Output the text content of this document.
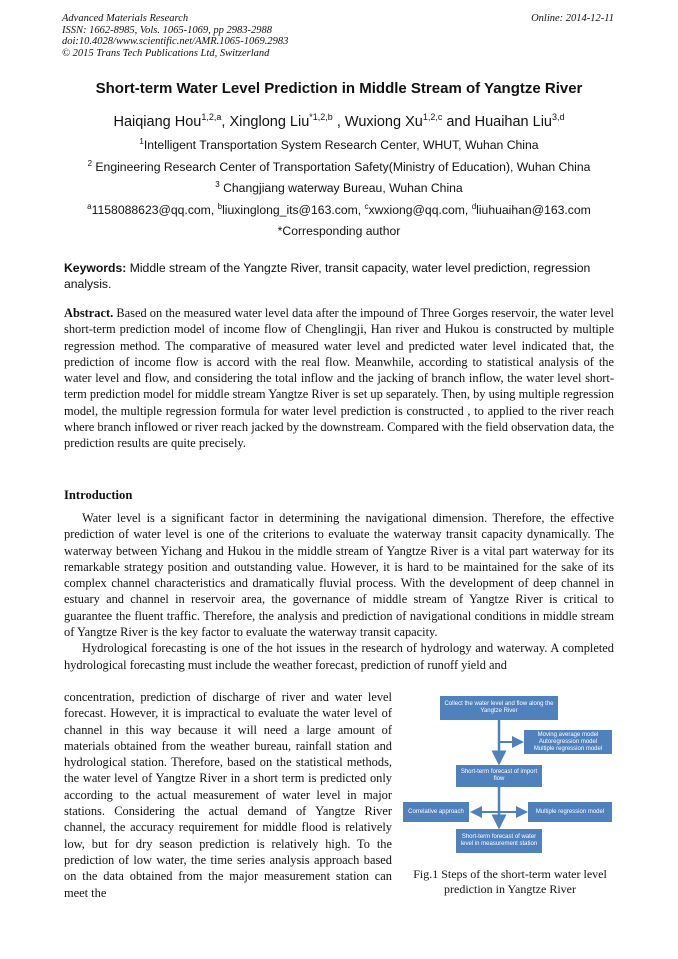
Advanced Materials Research
ISSN: 1662-8985, Vols. 1065-1069, pp 2983-2988
doi:10.4028/www.scientific.net/AMR.1065-1069.2983
© 2015 Trans Tech Publications Ltd, Switzerland
Online: 2014-12-11
Short-term Water Level Prediction in Middle Stream of Yangtze River
Haiqiang Hou$^{1,2,a}$, Xinglong Liu$^{*1,2,b}$ , Wuxiong Xu$^{1,2,c}$ and Huaihan Liu$^{3,d}$
$^1$Intelligent Transportation System Research Center, WHUT, Wuhan China
$^2$ Engineering Research Center of Transportation Safety(Ministry of Education), Wuhan China
$^3$ Changjiang waterway Bureau, Wuhan China
$^a$1158088623@qq.com, $^b$liuxinglong_its@163.com, $^c$xwxiong@qq.com, $^d$liuhuaihan@163.com
*Corresponding author
Keywords: Middle stream of the Yangzte River, transit capacity, water level prediction, regression analysis.

Abstract. Based on the measured water level data after the impound of Three Gorges reservoir, the water level short-term prediction model of income flow of Chenglingji, Han river and Hukou is constructed by multiple regression method. The comparative of measured water level and predicted water level indicated that, the prediction of income flow is accord with the real flow. Meanwhile, according to statistical analysis of the water level and flow, and considering the total inflow and the jacking of branch inflow, the water level short-term prediction model for middle stream Yangtze River is set up separately. Then, by using multiple regression model, the multiple regression formula for water level prediction is constructed , to applied to the river reach where branch inflowed or river reach jacked by the downstream. Compared with the field observation data, the prediction results are quite precisely.

Introduction

Water level is a significant factor in determining the navigational dimension. Therefore, the effective prediction of water level is one of the criterions to evaluate the waterway transit capacity dynamically. The waterway between Yichang and Hukou in the middle stream of Yangtze River is a vital part waterway for its remarkable strategy position and outstanding value. However, it is hard to be maintained for the sake of its complex channel characteristics and dramatically fluvial process. With the development of deep channel in estuary and channel in reservoir area, the governance of middle stream of Yangtze River is critical to guarantee the fluent traffic. Therefore, the analysis and prediction of navigational conditions in middle stream of Yangtze River is the key factor to evaluate the waterway transit capacity.

Hydrological forecasting is one of the hot issues in the research of hydrology and waterway. A completed hydrological forecasting must include the weather forecast, prediction of runoff yield and

concentration, prediction of discharge of river and water level forecast. However, it is impractical to evaluate the water level of channel in this way because it will need a large amount of materials obtained from the weather bureau, rainfall station and hydrological station. Therefore, based on the statistical methods, the water level of Yangtze River in a short term is predicted only according to the actual measurement of water level in major stations. Considering the actual demand of Yangtze River channel, the accuracy requirement for middle flood is relatively low, but for dry season prediction is relatively high. To the prediction of low water, the time series analysis approach based on the data obtained from the major measurement station can meet the

Collect the water level and flow along the Yangtze River
Moving average model
Autoregression model
Multiple regression model
Short-term forecast of import flow
Correlative approach	Multiple regression model
Short-term forecast of water level in measurement station
Fig.1 Steps of the short-term water level prediction in Yangtze River
